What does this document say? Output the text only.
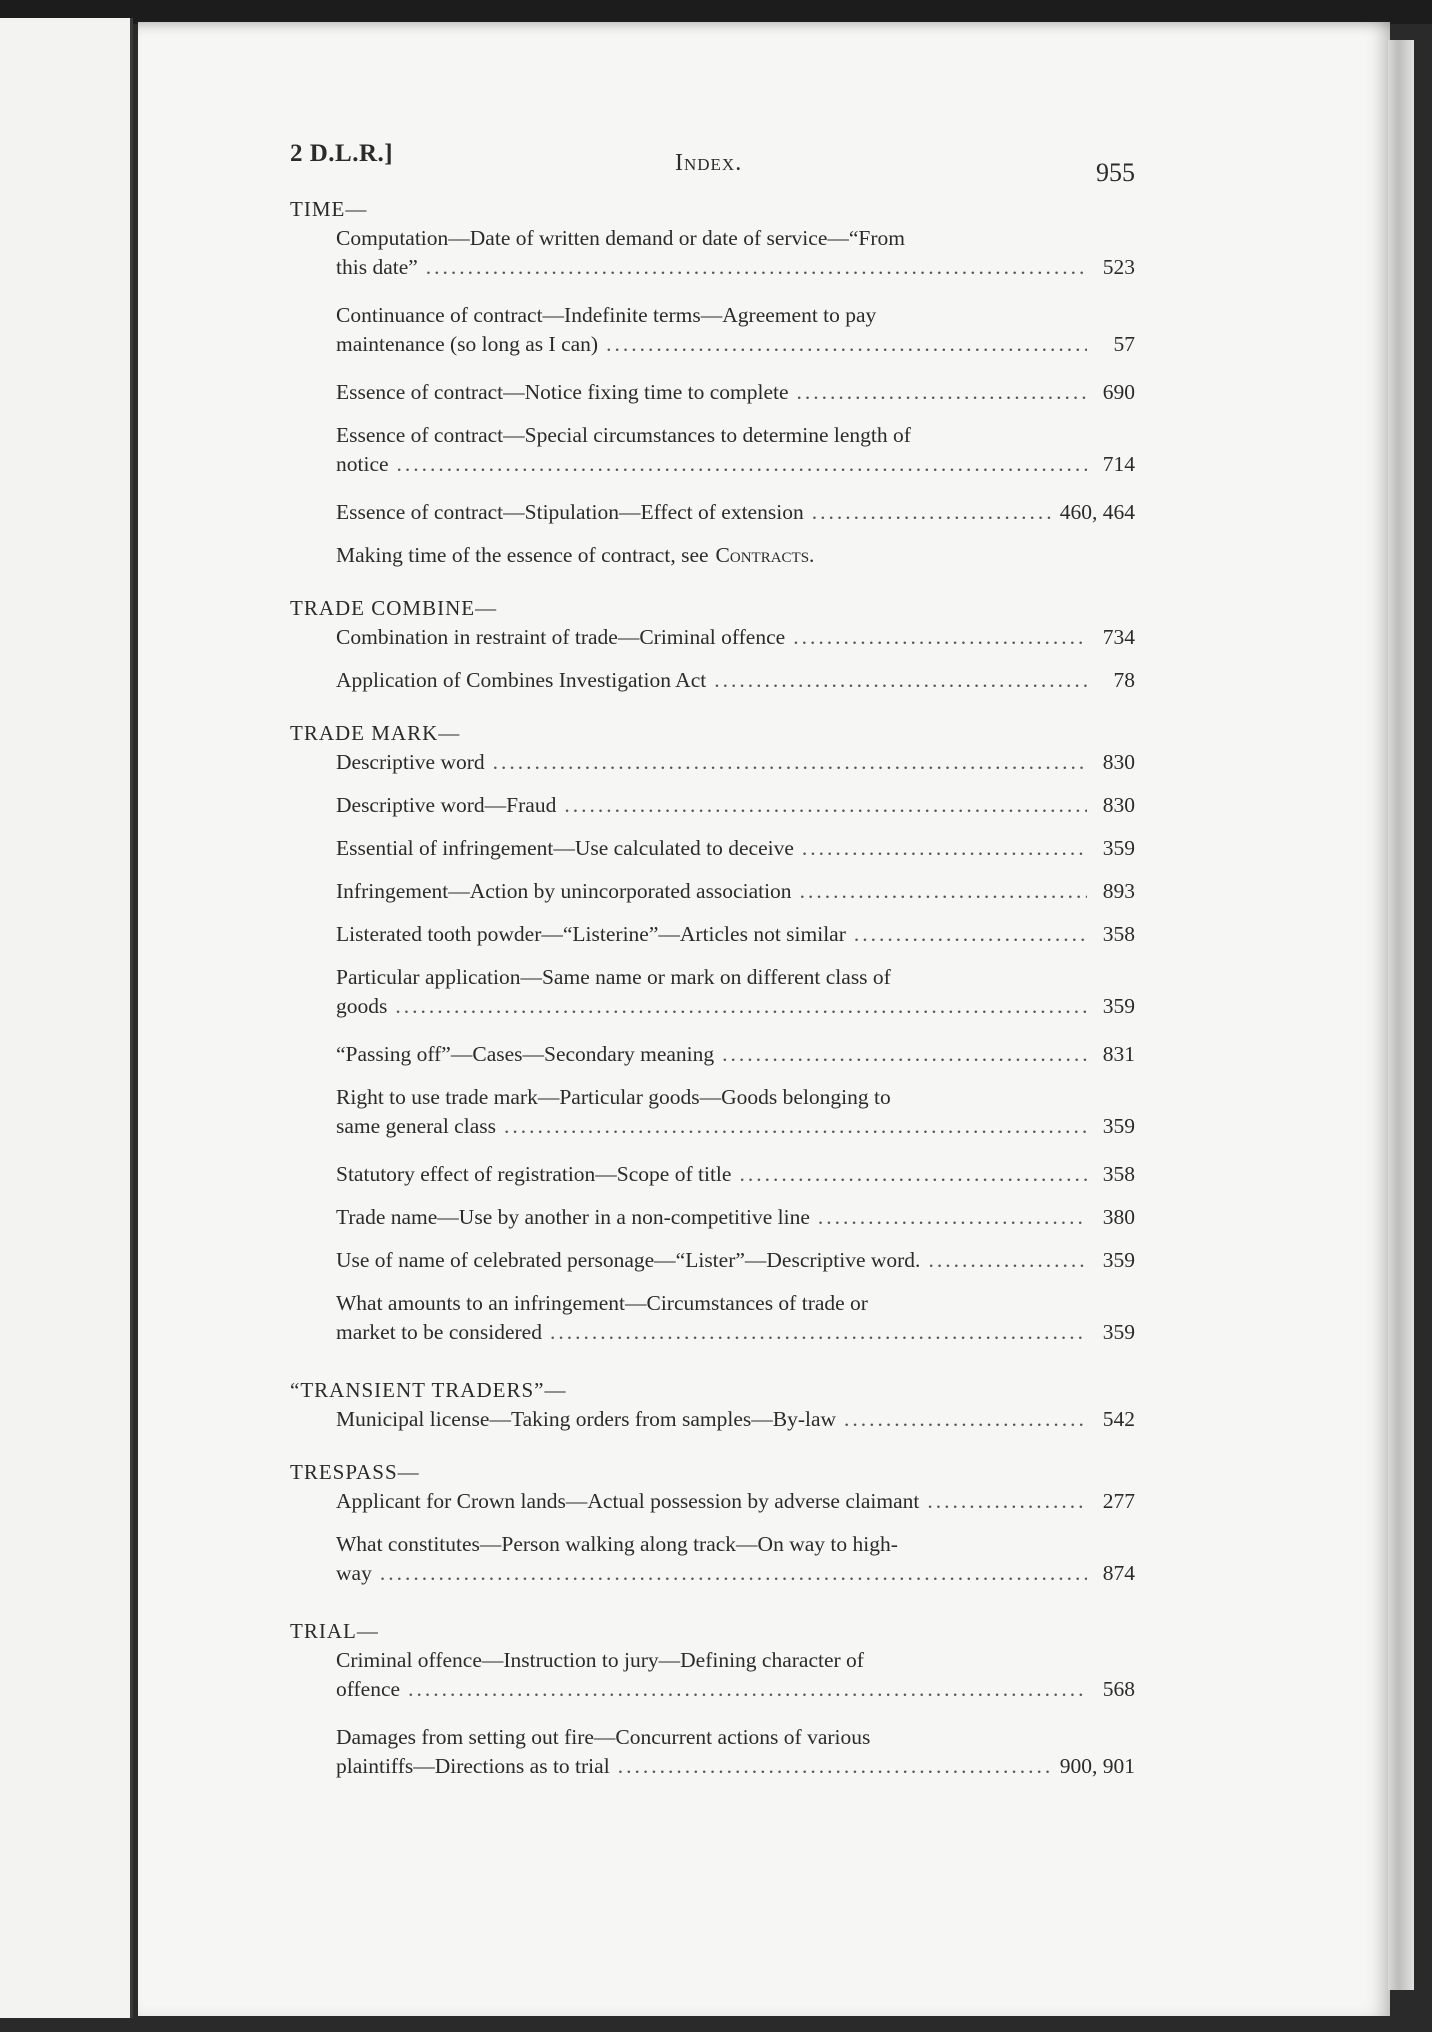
2 D.L.R.]	Index.	955
TIME—
Computation—Date of written demand or date of service—“From
this date” .....	523
Continuance of contract—Indefinite terms—Agreement to pay
maintenance (so long as I can) .....	57
Essence of contract—Notice fixing time to complete .....	690
Essence of contract—Special circumstances to determine length of
notice .....	714
Essence of contract—Stipulation—Effect of extension .....	460, 464
Making time of the essence of contract, see Contracts.
TRADE COMBINE—
Combination in restraint of trade—Criminal offence .....	734
Application of Combines Investigation Act .....	78
TRADE MARK—
Descriptive word .....	830
Descriptive word—Fraud .....	830
Essential of infringement—Use calculated to deceive .....	359
Infringement—Action by unincorporated association .....	893
Listerated tooth powder—“Listerine”—Articles not similar .....	358
Particular application—Same name or mark on different class of
goods .....	359
“Passing off”—Cases—Secondary meaning .....	831
Right to use trade mark—Particular goods—Goods belonging to
same general class .....	359
Statutory effect of registration—Scope of title .....	358
Trade name—Use by another in a non-competitive line .....	380
Use of name of celebrated personage—“Lister”—Descriptive word. .....	359
What amounts to an infringement—Circumstances of trade or
market to be considered .....	359
“TRANSIENT TRADERS”—
Municipal license—Taking orders from samples—By-law .....	542
TRESPASS—
Applicant for Crown lands—Actual possession by adverse claimant .....	277
What constitutes—Person walking along track—On way to high-
way .....	874
TRIAL—
Criminal offence—Instruction to jury—Defining character of
offence .....	568
Damages from setting out fire—Concurrent actions of various
plaintiffs—Directions as to trial .....	900, 901
